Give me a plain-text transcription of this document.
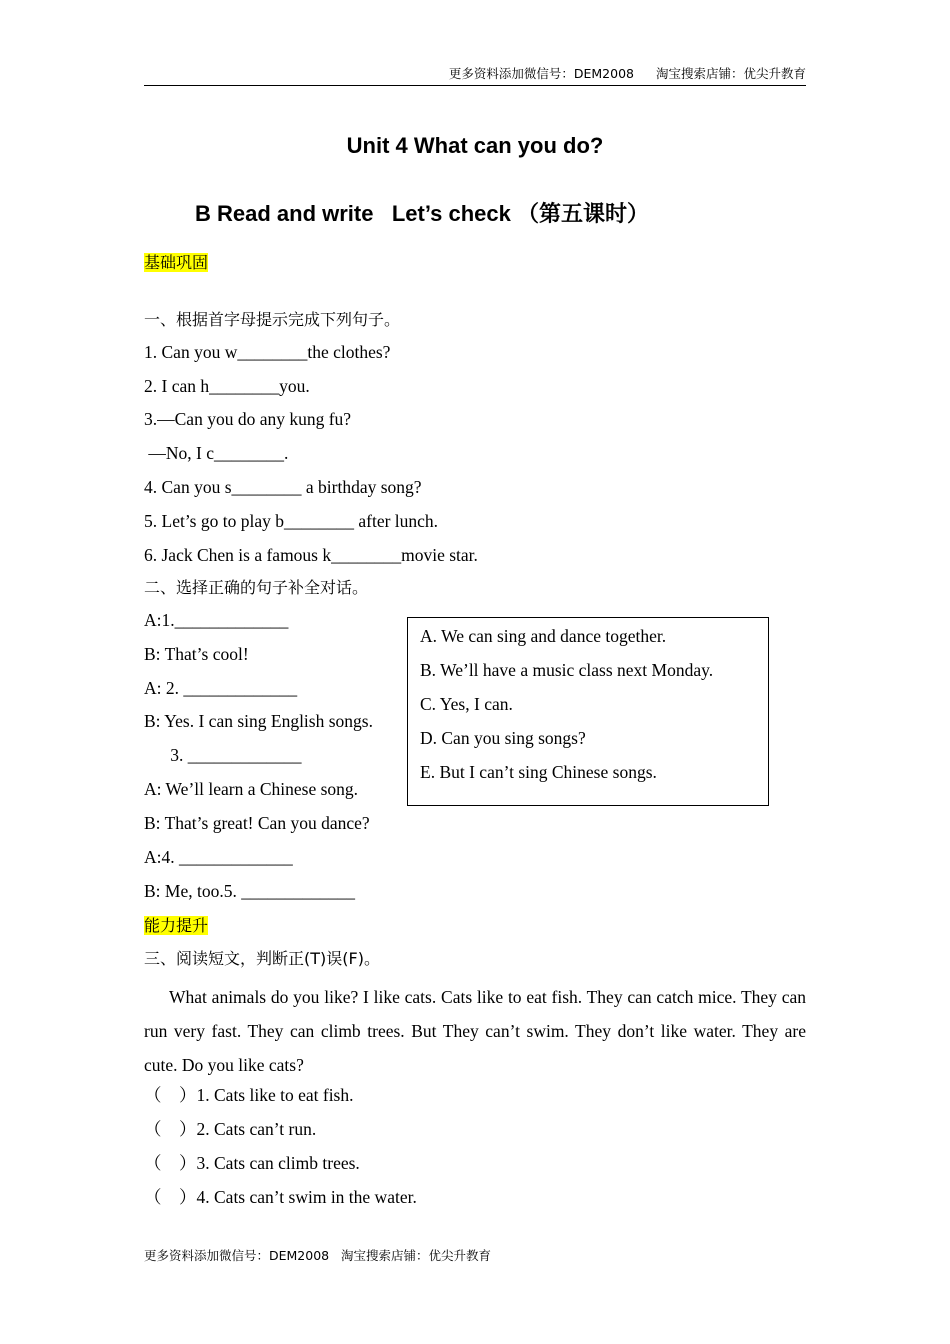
更多资料添加微信号：DEM2008 淘宝搜索店铺：优尖升教育
Unit 4 What can you do?
B Read and write   Let’s check （第五课时）
基础巩固
一、根据首字母提示完成下列句子。
1. Can you w________the clothes?
2. I can h________you.
3.—Can you do any kung fu?
—No, I c________.
4. Can you s________ a birthday song?
5. Let’s go to play b________ after lunch.
6. Jack Chen is a famous k________movie star.
二、选择正确的句子补全对话。
A:1._____________
B: That’s cool!
A: 2. _____________
B: Yes. I can sing English songs.
3. _____________
A: We’ll learn a Chinese song.
B: That’s great! Can you dance?
A:4. _____________
B: Me, too.5. _____________
A. We can sing and dance together.
B. We’ll have a music class next Monday.
C. Yes, I can.
D. Can you sing songs?
E. But I can’t sing Chinese songs.
能力提升
三、阅读短文，判断正(T)误(F)。
What animals do you like? I like cats. Cats like to eat fish. They can catch mice. They can run very fast. They can climb trees. But They can’t swim. They don’t like water. They are cute. Do you like cats?
（    ）1. Cats like to eat fish.
（    ）2. Cats can’t run.
（    ）3. Cats can climb trees.
（    ）4. Cats can’t swim in the water.
更多资料添加微信号：DEM2008 淘宝搜索店铺：优尖升教育
